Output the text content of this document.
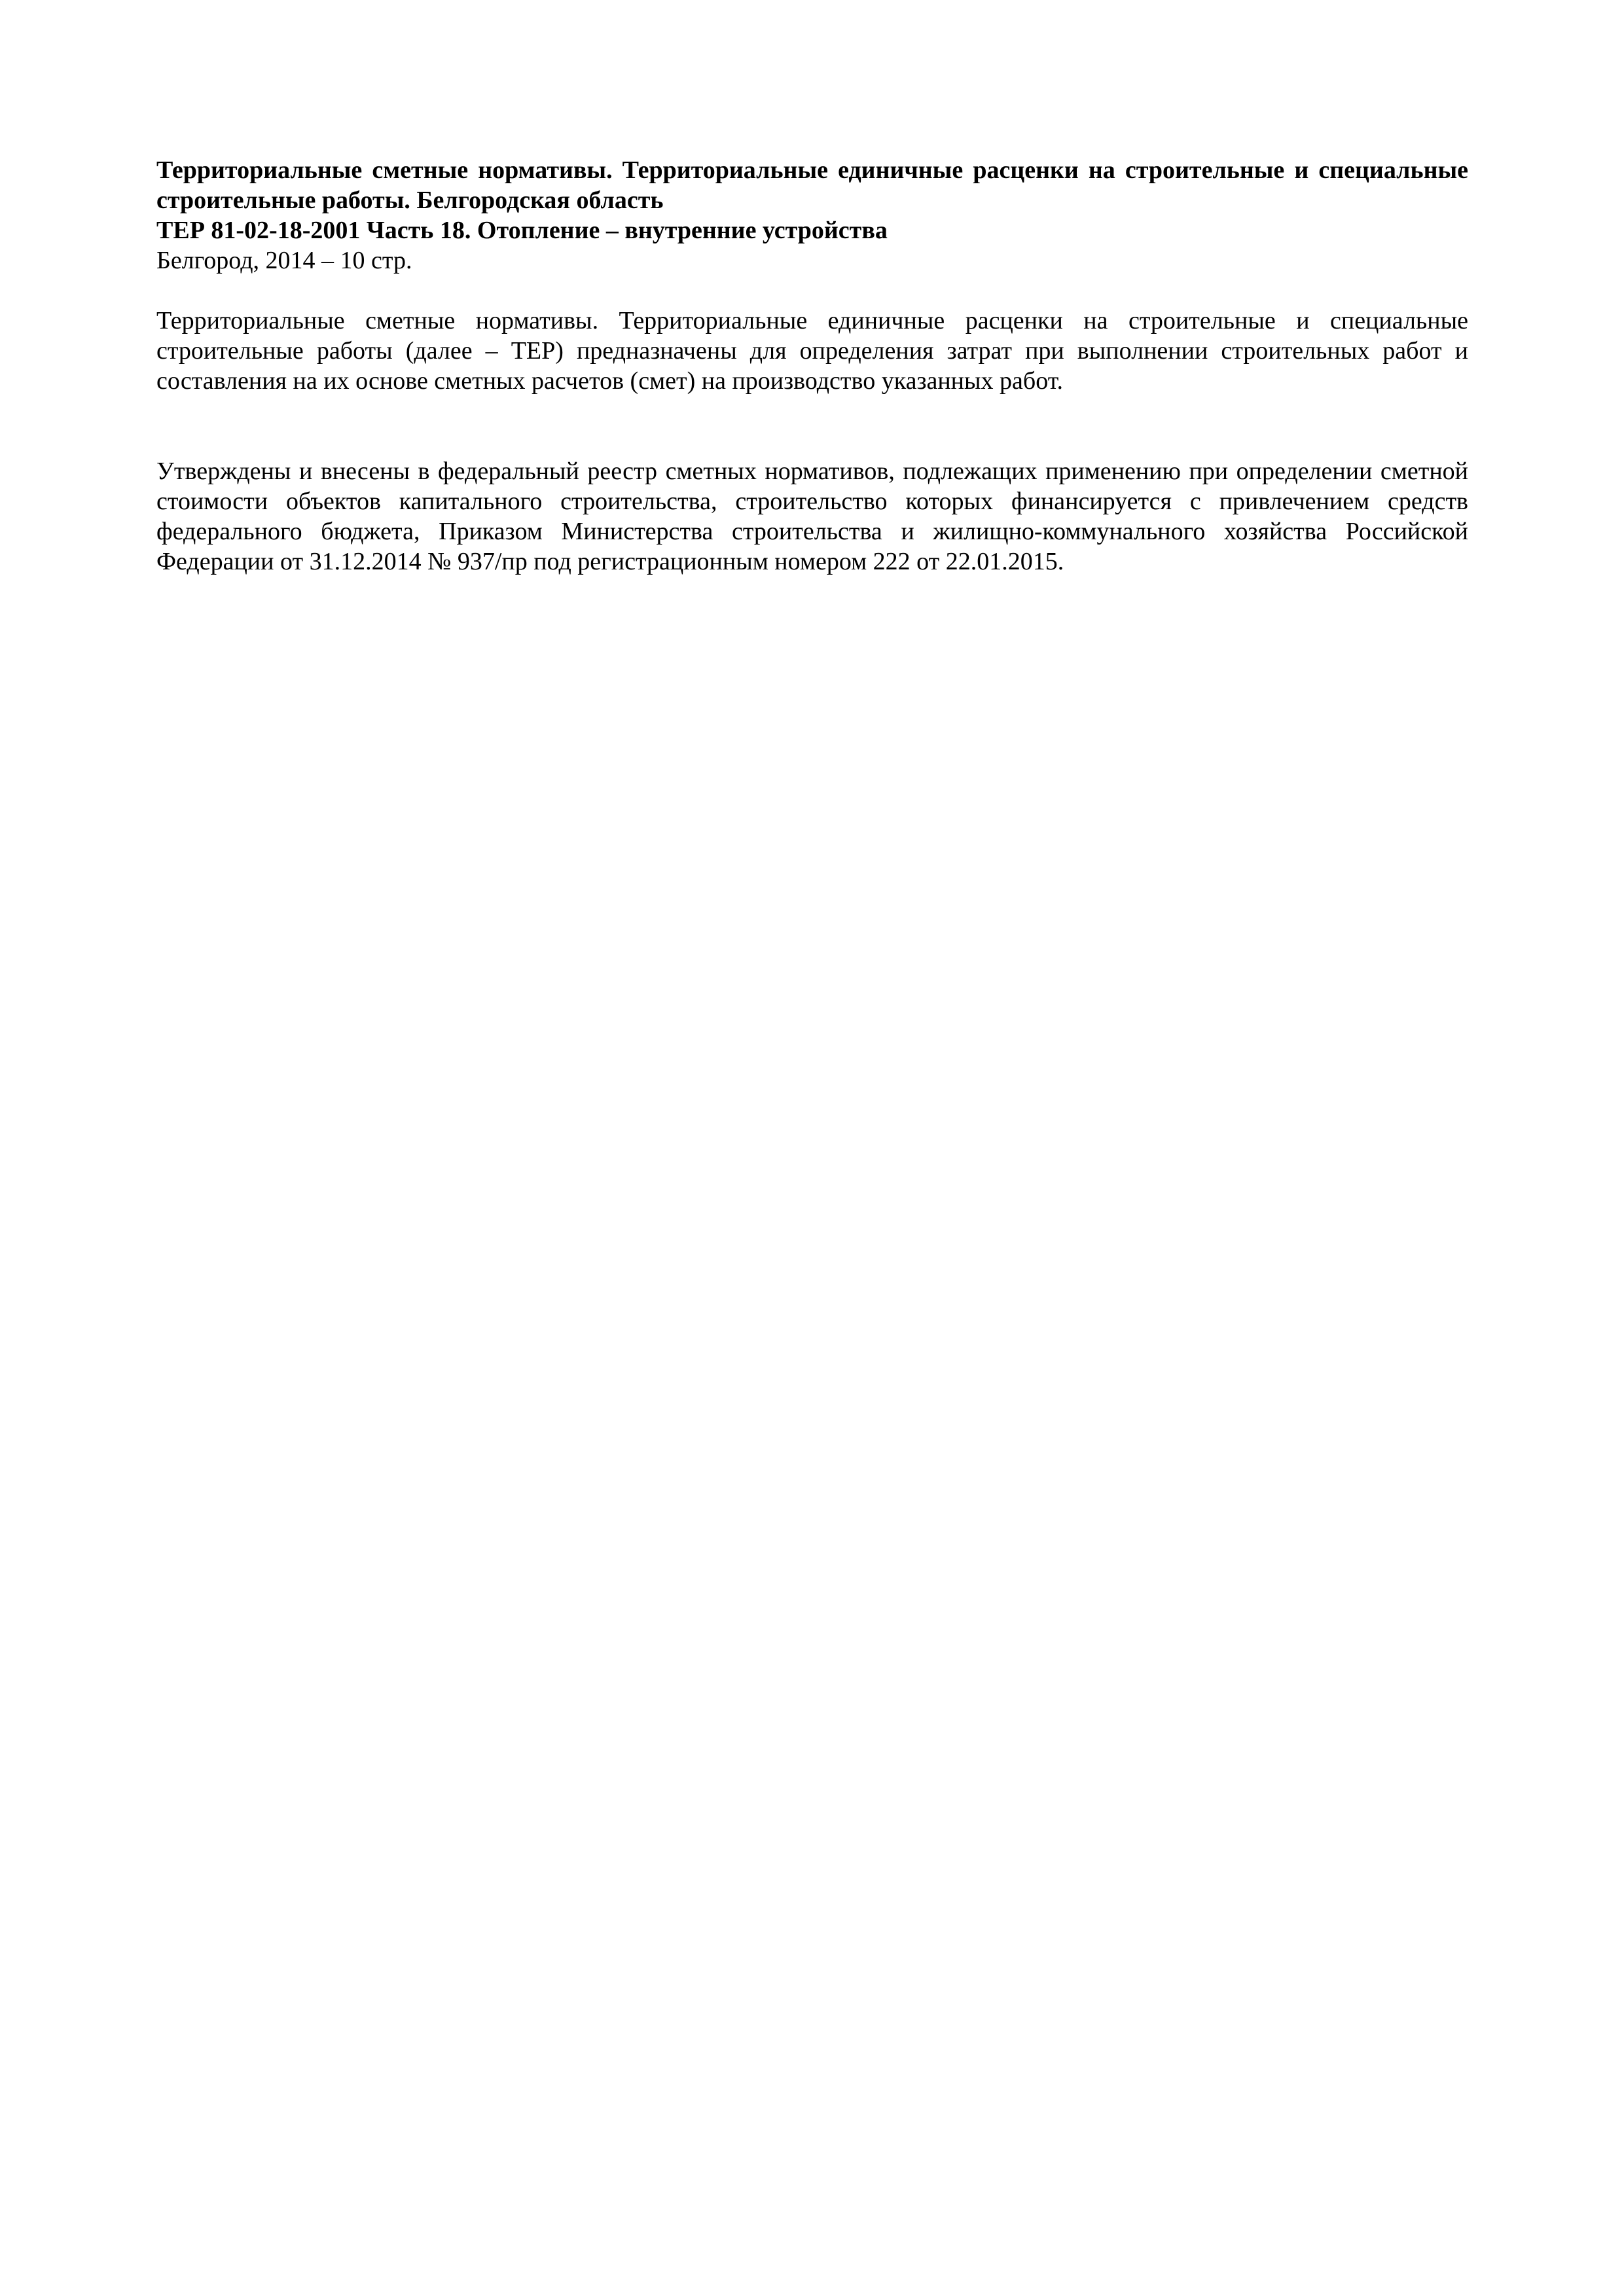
Территориальные сметные нормативы. Территориальные единичные расценки на строительные и специальные строительные работы. Белгородская область

ТЕР 81-02-18-2001 Часть 18. Отопление – внутренние устройства

Белгород, 2014 – 10 стр.

Территориальные сметные нормативы. Территориальные единичные расценки на строительные и специальные строительные работы (далее – ТЕР) предназначены для определения затрат при выполнении строительных работ и составления на их основе сметных расчетов (смет) на производство указанных работ.

Утверждены и внесены в федеральный реестр сметных нормативов, подлежащих применению при определении сметной стоимости объектов капитального строительства, строительство которых финансируется с привлечением средств федерального бюджета, Приказом Министерства строительства и жилищно-коммунального хозяйства Российской Федерации от 31.12.2014 № 937/пр под регистрационным номером 222 от 22.01.2015.
